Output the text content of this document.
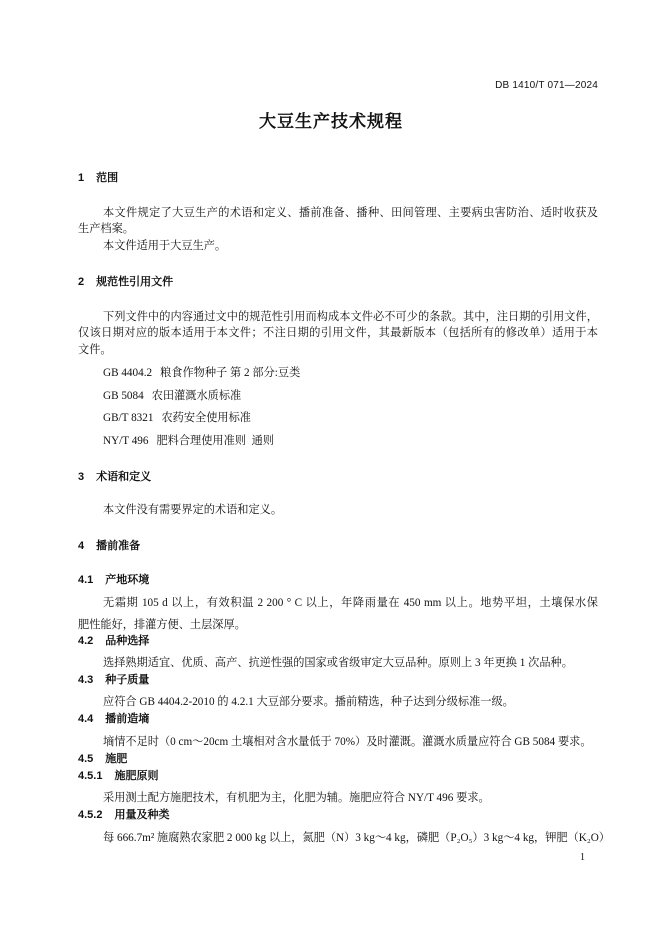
DB 1410/T 071—2024
大豆生产技术规程
1 范围
本文件规定了大豆生产的术语和定义、播前准备、播种、田间管理、主要病虫害防治、适时收获及
生产档案。
本文件适用于大豆生产。
2 规范性引用文件
下列文件中的内容通过文中的规范性引用而构成本文件必不可少的条款。其中，注日期的引用文件，
仅该日期对应的版本适用于本文件；不注日期的引用文件，其最新版本（包括所有的修改单）适用于本
文件。
GB 4404.2 粮食作物种子 第 2 部分:豆类
GB 5084 农田灌溉水质标准
GB/T 8321 农药安全使用标准
NY/T 496 肥料合理使用准则  通则
3 术语和定义
本文件没有需要界定的术语和定义。
4 播前准备
4.1 产地环境
无霜期 105 d 以上，有效积温 2 200 ° C 以上，年降雨量在 450 mm 以上。地势平坦，土壤保水保
肥性能好，排灌方便、土层深厚。
4.2 品种选择
选择熟期适宜、优质、高产、抗逆性强的国家或省级审定大豆品种。原则上 3 年更换 1 次品种。
4.3 种子质量
应符合 GB 4404.2-2010 的 4.2.1 大豆部分要求。播前精选，种子达到分级标准一级。
4.4 播前造墒
墒情不足时（0 cm～20cm 土壤相对含水量低于 70%）及时灌溉。灌溉水质量应符合 GB 5084 要求。
4.5 施肥
4.5.1 施肥原则
采用测土配方施肥技术，有机肥为主，化肥为辅。施肥应符合 NY/T 496 要求。
4.5.2 用量及种类
每 666.7m² 施腐熟农家肥 2 000 kg 以上，氮肥（N）3 kg～4 kg，磷肥（P₂O₅）3 kg～4 kg，钾肥（K₂O）
1
